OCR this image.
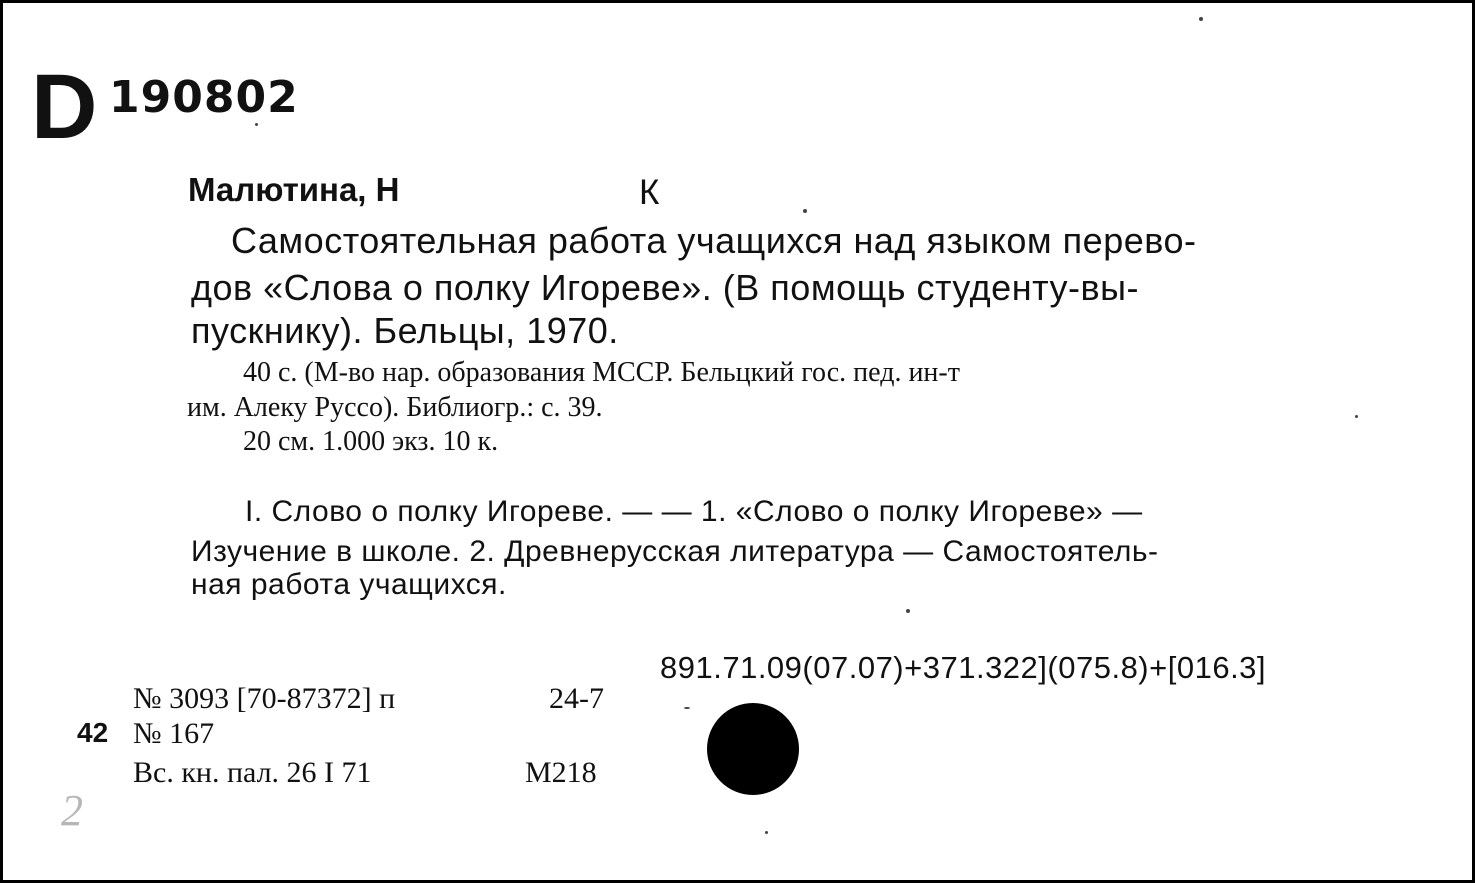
D 190802
Малютина, Н	К
Самостоятельная работа учащихся над языком перево-
дов «Слова о полку Игореве». (В помощь студенту-вы-
пускнику). Бельцы, 1970.
40 с. (М-во нар. образования МССР. Бельцкий гос. пед. ин-т
им. Алеку Руссо). Библиогр.: с. 39.
20 см. 1.000 экз. 10 к.
I. Слово о полку Игореве. — — 1. «Слово о полку Игореве» —
Изучение в школе. 2. Древнерусская литература — Самостоятель-
ная работа учащихся.
891.71.09(07.07)+371.322](075.8)+[016.3]
№ 3093 [70-87372] п	24-7
42 № 167
Вс. кн. пал. 26 I 71	М218
2
